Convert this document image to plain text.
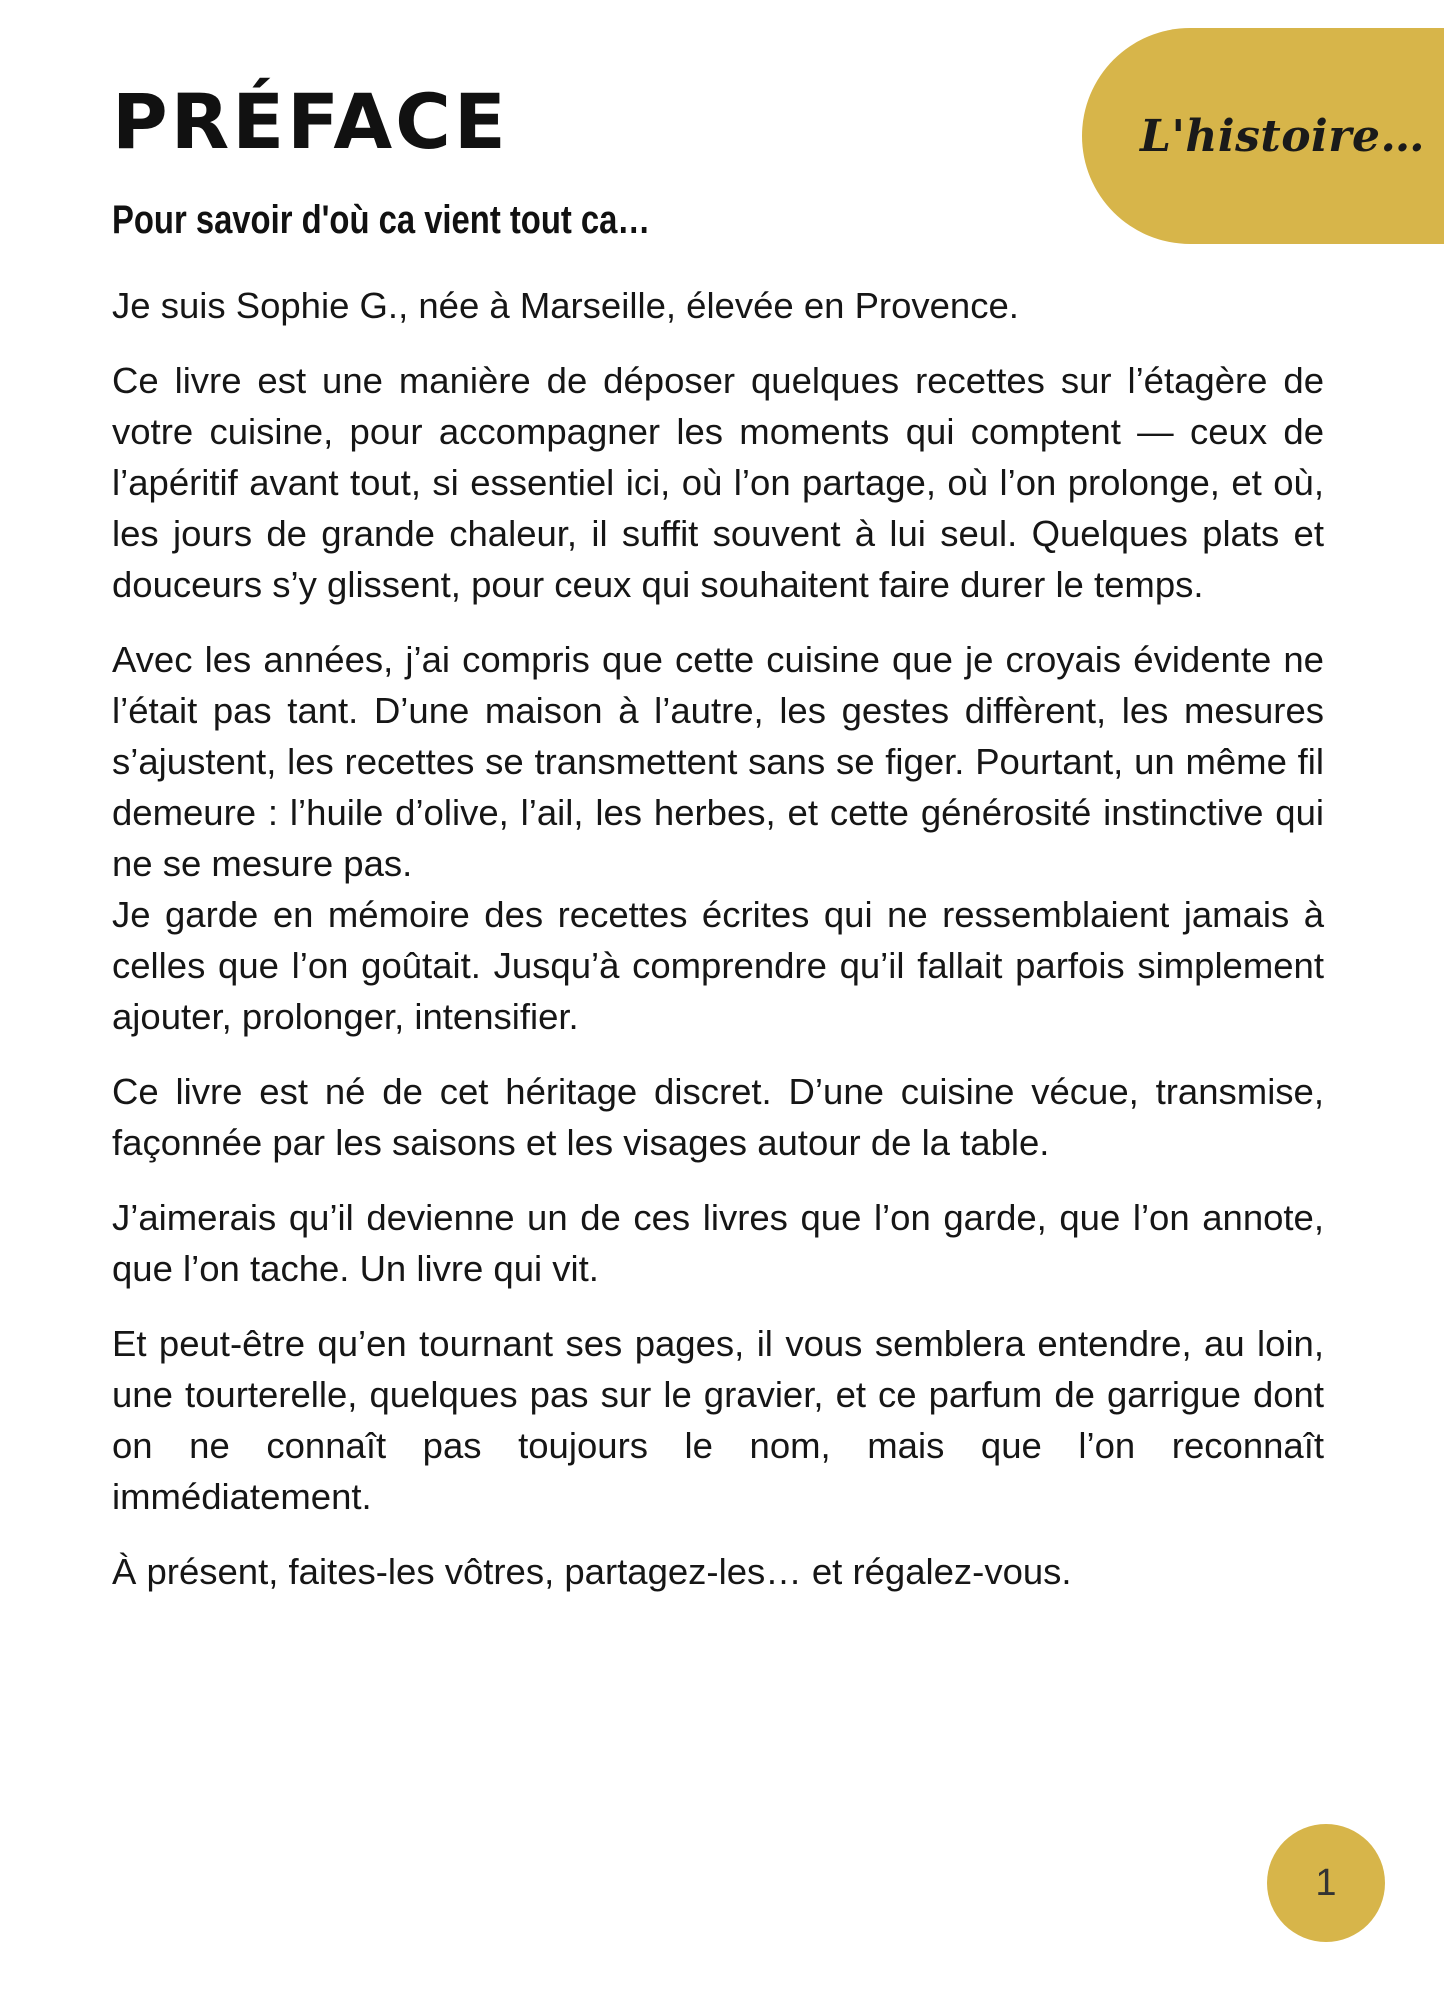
L'histoire…
PRÉFACE
Pour savoir d'où ca vient tout ca…

Je suis Sophie G., née à Marseille, élevée en Provence.

Ce livre est une manière de déposer quelques recettes sur l’étagère de votre cuisine, pour accompagner les moments qui comptent — ceux de l’apéritif avant tout, si essentiel ici, où l’on partage, où l’on prolonge, et où, les jours de grande chaleur, il suffit souvent à lui seul. Quelques plats et douceurs s’y glissent, pour ceux qui souhaitent faire durer le temps.

Avec les années, j’ai compris que cette cuisine que je croyais évidente ne l’était pas tant. D’une maison à l’autre, les gestes diffèrent, les mesures s’ajustent, les recettes se transmettent sans se figer. Pourtant, un même fil demeure : l’huile d’olive, l’ail, les herbes, et cette générosité instinctive qui ne se mesure pas.

Je garde en mémoire des recettes écrites qui ne ressemblaient jamais à celles que l’on goûtait. Jusqu’à comprendre qu’il fallait parfois simplement ajouter, prolonger, intensifier.

Ce livre est né de cet héritage discret. D’une cuisine vécue, transmise, façonnée par les saisons et les visages autour de la table.

J’aimerais qu’il devienne un de ces livres que l’on garde, que l’on annote, que l’on tache. Un livre qui vit.

Et peut-être qu’en tournant ses pages, il vous semblera entendre, au loin, une tourterelle, quelques pas sur le gravier, et ce parfum de garrigue dont on ne connaît pas toujours le nom, mais que l’on reconnaît immédiatement.

À présent, faites-les vôtres, partagez-les… et régalez-vous.

1
